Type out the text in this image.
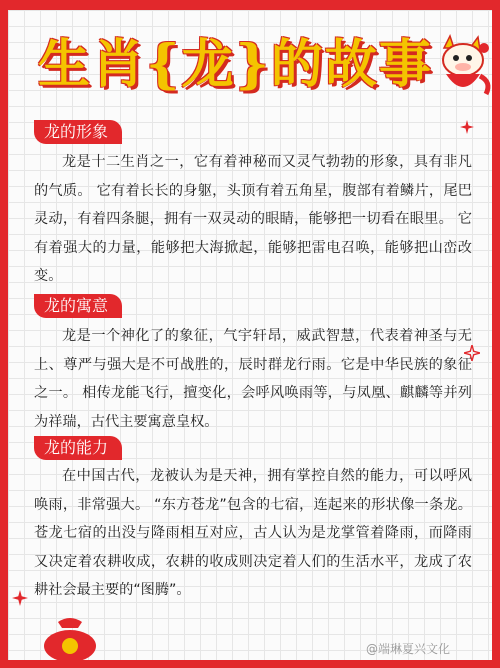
生肖{龙}的故事
龙的形象

龙是十二生肖之一，它有着神秘而又灵气勃勃的形象，具有非凡的气质。 它有着长长的身躯，头顶有着五角星，腹部有着鳞片，尾巴灵动，有着四条腿，拥有一双灵动的眼睛，能够把一切看在眼里。 它有着强大的力量，能够把大海掀起，能够把雷电召唤，能够把山峦改变。

龙的寓意

龙是一个神化了的象征，气宇轩昂，威武智慧，代表着神圣与无上、尊严与强大是不可战胜的，辰时群龙行雨。它是中华民族的象征之一。 相传龙能飞行，擅变化，会呼风唤雨等，与凤凰、麒麟等并列为祥瑞，古代主要寓意皇权。

龙的能力

在中国古代，龙被认为是天神，拥有掌控自然的能力，可以呼风唤雨，非常强大。 “东方苍龙”包含的七宿，连起来的形状像一条龙。苍龙七宿的出没与降雨相互对应，古人认为是龙掌管着降雨，而降雨又决定着农耕收成，农耕的收成则决定着人们的生活水平，龙成了农耕社会最主要的“图腾”。

@端琳夏兴文化
